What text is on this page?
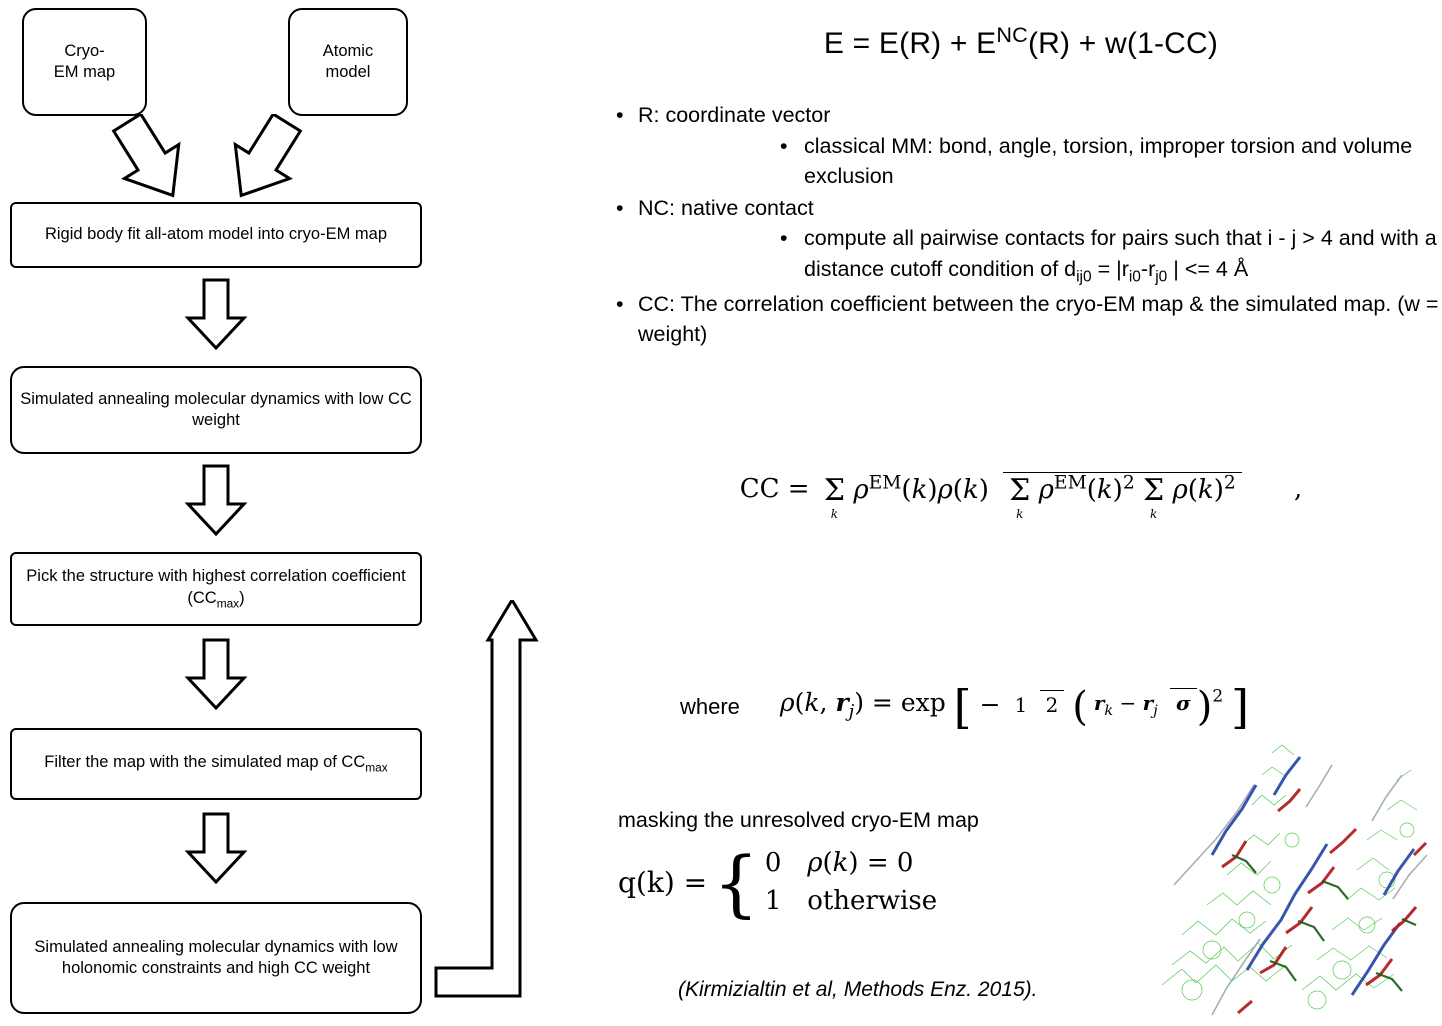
Cryo-
EM map
Atomic
model
Rigid body fit all-atom model into cryo-EM map
Simulated annealing molecular dynamics with low CC weight
Pick the structure with highest correlation coefficient $(CC_{max})$
Filter the map with the simulated map of $CC_{max}$
Simulated annealing molecular dynamics with low holonomic constraints and high CC weight
$E = E(R) + E^{NC}(R) + w(1-CC)$
• R: coordinate vector
• classical MM: bond, angle, torsion, improper torsion and volume exclusion
• NC: native contact
• compute all pairwise contacts for pairs such that i - j > 4 and with a distance cutoff condition of $d_{ij0} = |r_{i0}-r_{j0}$ | <= 4 Å
• CC: The correlation coefficient between the cryo-EM map & the simulated map. (w = weight)
CC = Σ
k
$\rho^{EM}(k)\rho(k)$ Σ
k
$\rho^{EM}(k)^2$ Σ
k
$\rho(k)^2$ ,
where ρ(k, $r_j) = \exp$ [ − 1 2 ( $r_k - r_j$ σ )$^2$ ]
masking the unresolved cryo-EM map
q(k) = { 0 ρ(k) = 0
1 otherwise
(Kirmizialtin et al, Methods Enz. 2015).
